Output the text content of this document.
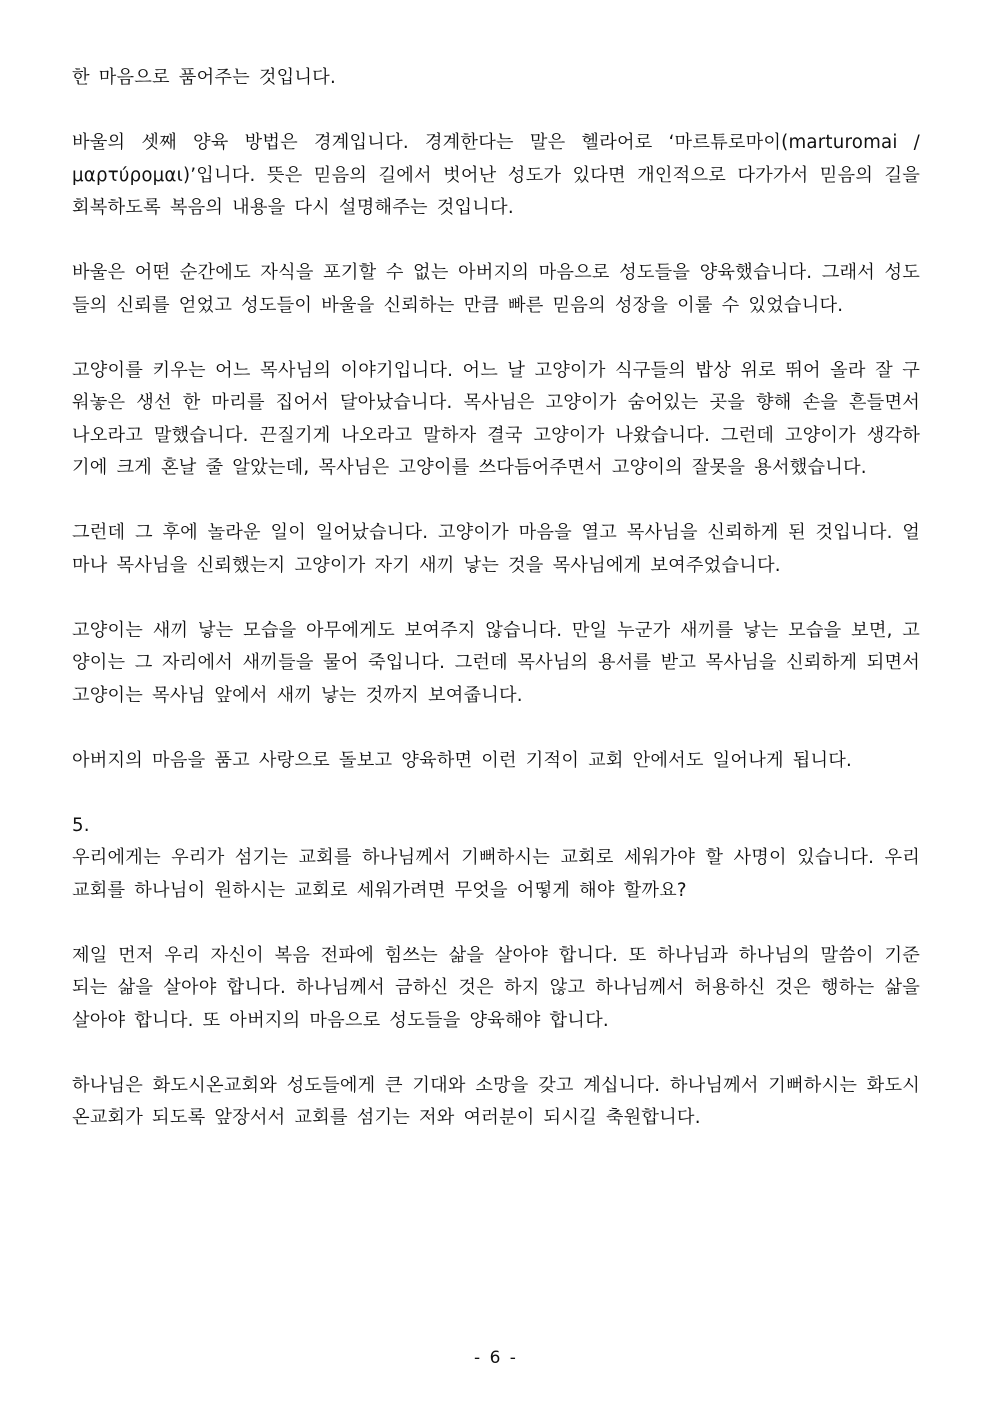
한 마음으로 품어주는 것입니다.

바울의 셋째 양육 방법은 경계입니다. 경계한다는 말은 헬라어로 ‘마르튜로마이(marturomai / μαρτύρομαι)’입니다. 뜻은 믿음의 길에서 벗어난 성도가 있다면 개인적으로 다가가서 믿음의 길을 회복하도록 복음의 내용을 다시 설명해주는 것입니다.

바울은 어떤 순간에도 자식을 포기할 수 없는 아버지의 마음으로 성도들을 양육했습니다. 그래서 성도들의 신뢰를 얻었고 성도들이 바울을 신뢰하는 만큼 빠른 믿음의 성장을 이룰 수 있었습니다.

고양이를 키우는 어느 목사님의 이야기입니다. 어느 날 고양이가 식구들의 밥상 위로 뛰어 올라 잘 구워놓은 생선 한 마리를 집어서 달아났습니다. 목사님은 고양이가 숨어있는 곳을 향해 손을 흔들면서 나오라고 말했습니다. 끈질기게 나오라고 말하자 결국 고양이가 나왔습니다. 그런데 고양이가 생각하기에 크게 혼날 줄 알았는데, 목사님은 고양이를 쓰다듬어주면서 고양이의 잘못을 용서했습니다.

그런데 그 후에 놀라운 일이 일어났습니다. 고양이가 마음을 열고 목사님을 신뢰하게 된 것입니다. 얼마나 목사님을 신뢰했는지 고양이가 자기 새끼 낳는 것을 목사님에게 보여주었습니다.

고양이는 새끼 낳는 모습을 아무에게도 보여주지 않습니다. 만일 누군가 새끼를 낳는 모습을 보면, 고양이는 그 자리에서 새끼들을 물어 죽입니다. 그런데 목사님의 용서를 받고 목사님을 신뢰하게 되면서 고양이는 목사님 앞에서 새끼 낳는 것까지 보여줍니다.

아버지의 마음을 품고 사랑으로 돌보고 양육하면 이런 기적이 교회 안에서도 일어나게 됩니다.

5.

우리에게는 우리가 섬기는 교회를 하나님께서 기뻐하시는 교회로 세워가야 할 사명이 있습니다. 우리 교회를 하나님이 원하시는 교회로 세워가려면 무엇을 어떻게 해야 할까요?

제일 먼저 우리 자신이 복음 전파에 힘쓰는 삶을 살아야 합니다. 또 하나님과 하나님의 말씀이 기준 되는 삶을 살아야 합니다. 하나님께서 금하신 것은 하지 않고 하나님께서 허용하신 것은 행하는 삶을 살아야 합니다. 또 아버지의 마음으로 성도들을 양육해야 합니다.

하나님은 화도시온교회와 성도들에게 큰 기대와 소망을 갖고 계십니다. 하나님께서 기뻐하시는 화도시온교회가 되도록 앞장서서 교회를 섬기는 저와 여러분이 되시길 축원합니다.

- 6 -
